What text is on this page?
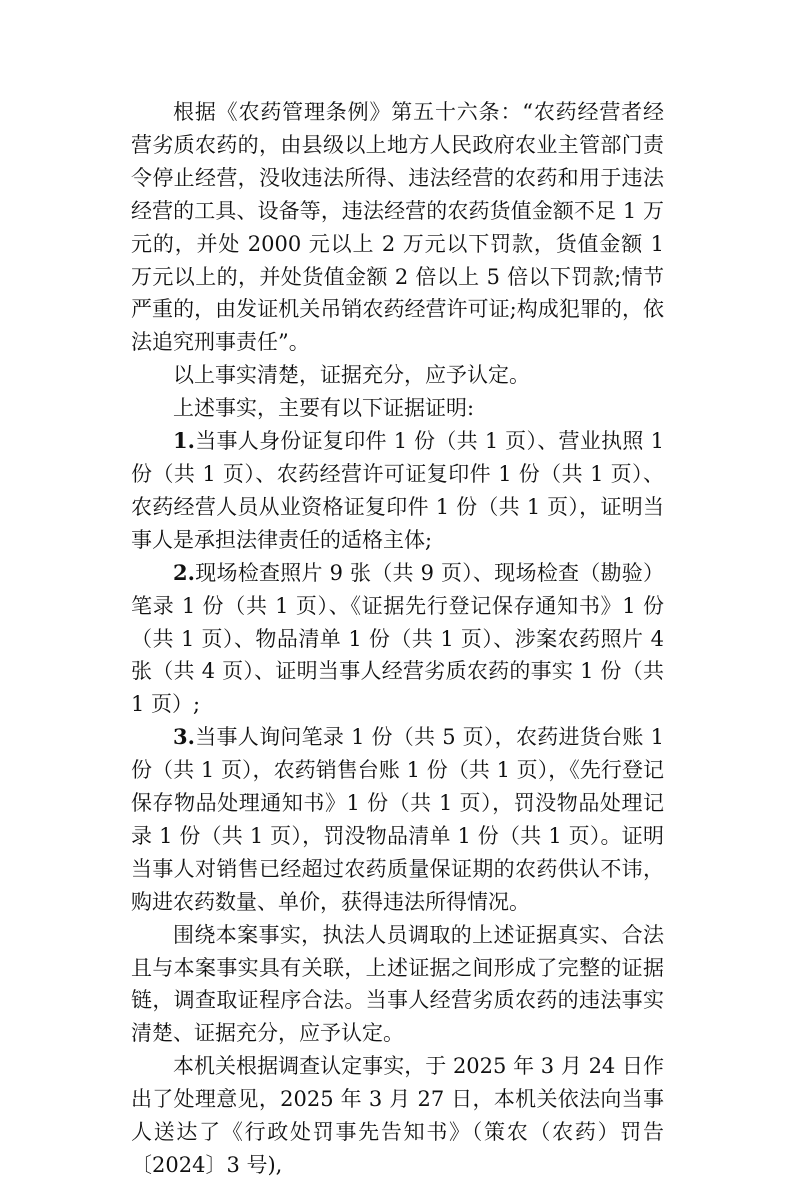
根据《农药管理条例》第五十六条：“农药经营者经营劣质农药的，由县级以上地方人民政府农业主管部门责令停止经营，没收违法所得、违法经营的农药和用于违法经营的工具、设备等，违法经营的农药货值金额不足 1 万元的，并处 2000 元以上 2 万元以下罚款，货值金额 1 万元以上的，并处货值金额 2 倍以上 5 倍以下罚款;情节严重的，由发证机关吊销农药经营许可证;构成犯罪的，依法追究刑事责任”。

以上事实清楚，证据充分，应予认定。

上述事实，主要有以下证据证明:

1.当事人身份证复印件 1 份（共 1 页）、营业执照 1 份（共 1 页）、农药经营许可证复印件 1 份（共 1 页）、农药经营人员从业资格证复印件 1 份（共 1 页），证明当事人是承担法律责任的适格主体;

2.现场检查照片 9 张（共 9 页）、现场检查（勘验）笔录 1 份（共 1 页）、《证据先行登记保存通知书》1 份（共 1 页）、物品清单 1 份（共 1 页）、涉案农药照片 4 张（共 4 页）、证明当事人经营劣质农药的事实 1 份（共 1 页）;

3.当事人询问笔录 1 份（共 5 页），农药进货台账 1 份（共 1 页），农药销售台账 1 份（共 1 页），《先行登记保存物品处理通知书》1 份（共 1 页），罚没物品处理记录 1 份（共 1 页），罚没物品清单 1 份（共 1 页）。证明当事人对销售已经超过农药质量保证期的农药供认不讳，购进农药数量、单价，获得违法所得情况。

围绕本案事实，执法人员调取的上述证据真实、合法且与本案事实具有关联，上述证据之间形成了完整的证据链，调查取证程序合法。当事人经营劣质农药的违法事实清楚、证据充分，应予认定。

本机关根据调查认定事实，于 2025 年 3 月 24 日作出了处理意见，2025 年 3 月 27 日，本机关依法向当事人送达了《行政处罚事先告知书》（策农（农药）罚告〔2024〕3 号),
